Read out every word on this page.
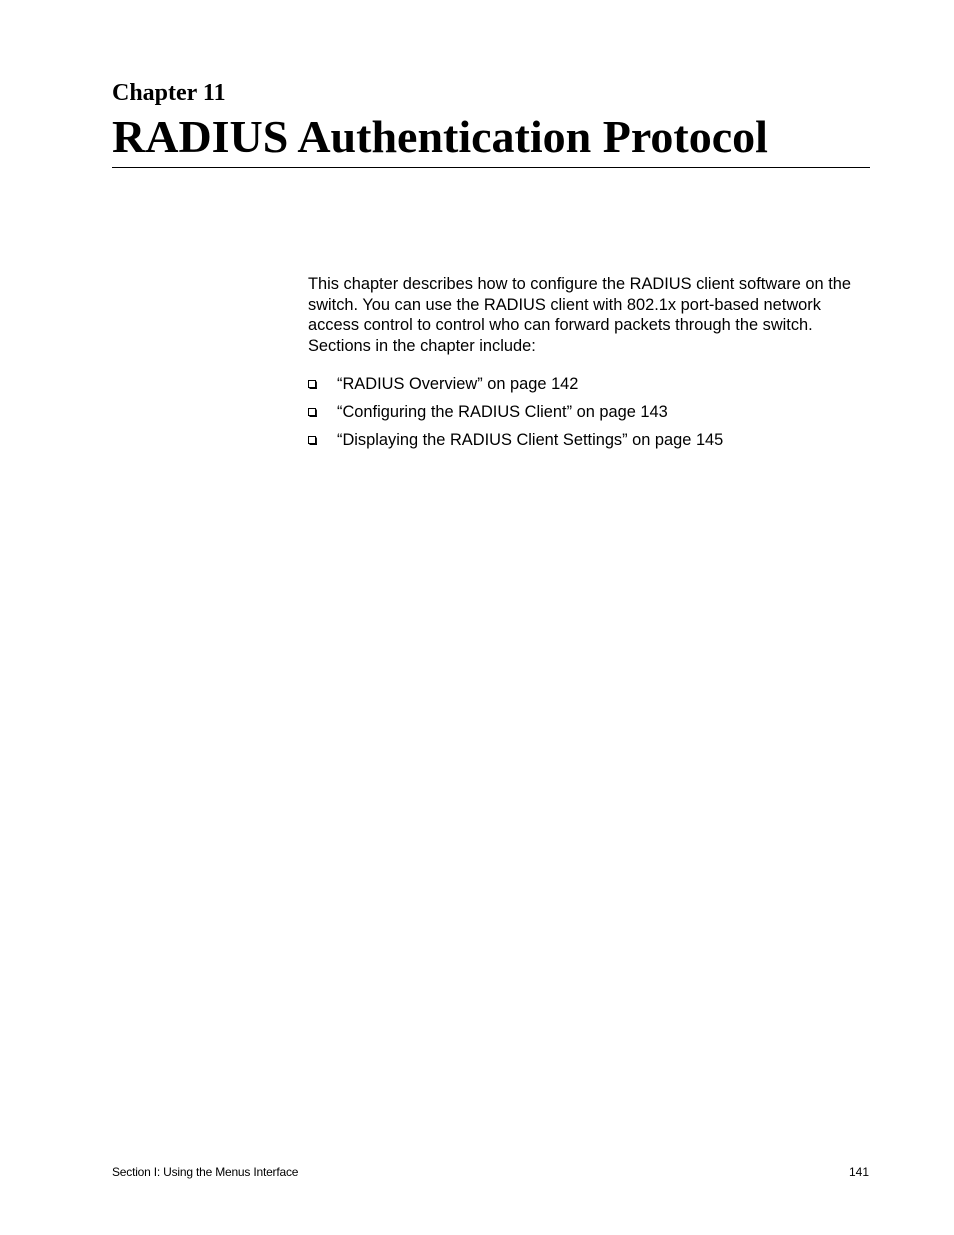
Chapter 11
RADIUS Authentication Protocol

This chapter describes how to configure the RADIUS client software on the switch. You can use the RADIUS client with 802.1x port-based network access control to control who can forward packets through the switch. Sections in the chapter include:

“RADIUS Overview” on page 142
“Configuring the RADIUS Client” on page 143
“Displaying the RADIUS Client Settings” on page 145
Section I: Using the Menus Interface	141
